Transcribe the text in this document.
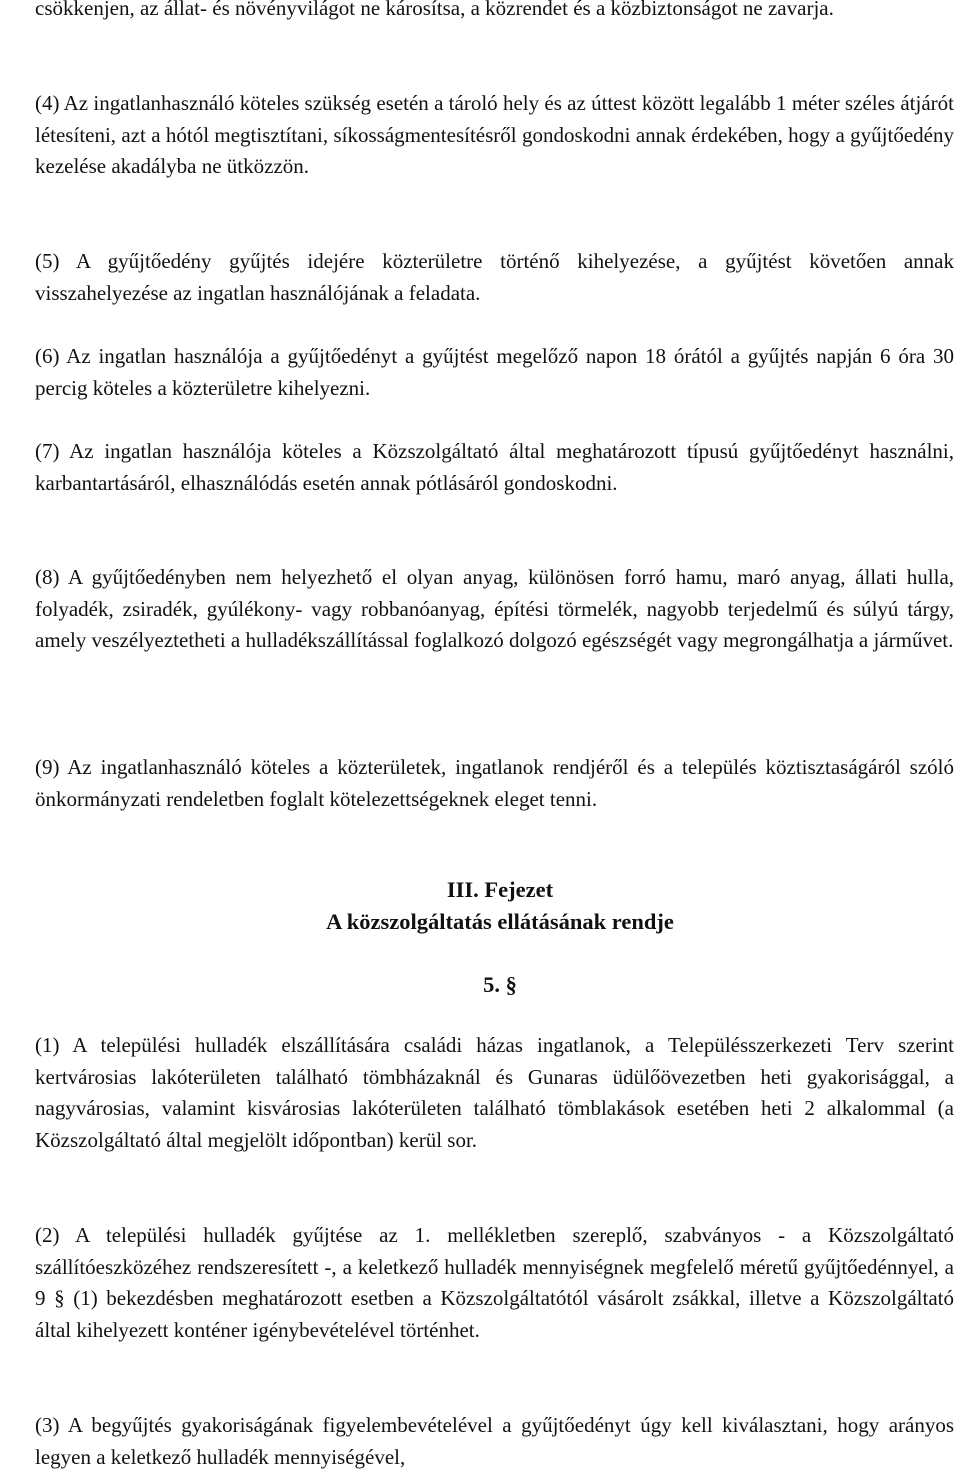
csökkenjen, az állat- és növényvilágot ne károsítsa, a közrendet és a közbiztonságot ne zavarja.

(4) Az ingatlanhasználó köteles szükség esetén a tároló hely és az úttest között legalább 1 méter széles átjárót létesíteni, azt a hótól megtisztítani, síkosságmentesítésről gondoskodni annak érdekében, hogy a gyűjtőedény kezelése akadályba ne ütközzön.

(5) A gyűjtőedény gyűjtés idejére közterületre történő kihelyezése, a gyűjtést követően annak visszahelyezése az ingatlan használójának a feladata.

(6) Az ingatlan használója a gyűjtőedényt a gyűjtést megelőző napon 18 órától a gyűjtés napján 6 óra 30 percig köteles a közterületre kihelyezni.

(7) Az ingatlan használója köteles a Közszolgáltató által meghatározott típusú gyűjtőedényt használni, karbantartásáról, elhasználódás esetén annak pótlásáról gondoskodni.

(8) A gyűjtőedényben nem helyezhető el olyan anyag, különösen forró hamu, maró anyag, állati hulla, folyadék, zsiradék, gyúlékony- vagy robbanóanyag, építési törmelék, nagyobb terjedelmű és súlyú tárgy, amely veszélyeztetheti a hulladékszállítással foglalkozó dolgozó egészségét vagy megrongálhatja a járművet.

(9) Az ingatlanhasználó köteles a közterületek, ingatlanok rendjéről és a település köztisztaságáról szóló önkormányzati rendeletben foglalt kötelezettségeknek eleget tenni.

III. Fejezet
A közszolgáltatás ellátásának rendje
5. §

(1) A települési hulladék elszállítására családi házas ingatlanok, a Településszerkezeti Terv szerint kertvárosias lakóterületen található tömbházaknál és Gunaras üdülőövezetben heti gyakorisággal, a nagyvárosias, valamint kisvárosias lakóterületen található tömblakások esetében heti 2 alkalommal (a Közszolgáltató által megjelölt időpontban) kerül sor.

(2) A települési hulladék gyűjtése az 1. mellékletben szereplő, szabványos - a Közszolgáltató szállítóeszközéhez rendszeresített -, a keletkező hulladék mennyiségnek megfelelő méretű gyűjtőedénnyel, a 9 § (1) bekezdésben meghatározott esetben a Közszolgáltatótól vásárolt zsákkal, illetve a Közszolgáltató által kihelyezett konténer igénybevételével történhet.

(3) A begyűjtés gyakoriságának figyelembevételével a gyűjtőedényt úgy kell kiválasztani, hogy arányos legyen a keletkező hulladék mennyiségével,
